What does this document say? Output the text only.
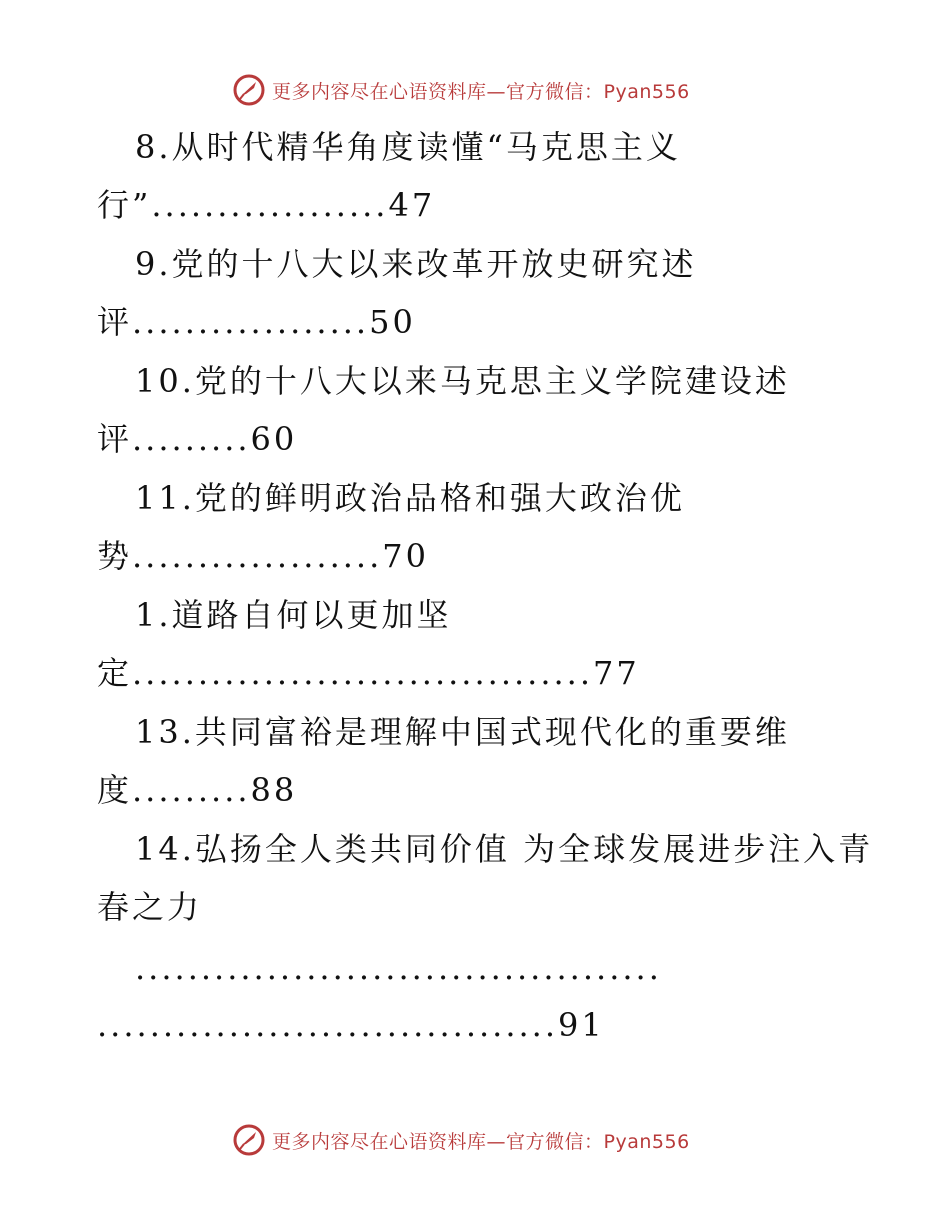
更多内容尽在心语资料库—官方微信：Pyan556
8.从时代精华角度读懂“马克思主义
行”..................47
9.党的十八大以来改革开放史研究述
评..................50
10.党的十八大以来马克思主义学院建设述
评.........60
11.党的鲜明政治品格和强大政治优
势...................70
1.道路自何以更加坚
定...................................77
13.共同富裕是理解中国式现代化的重要维
度.........88
14.弘扬全人类共同价值 为全球发展进步注入青
春之力
........................................
...................................91
更多内容尽在心语资料库—官方微信：Pyan556
